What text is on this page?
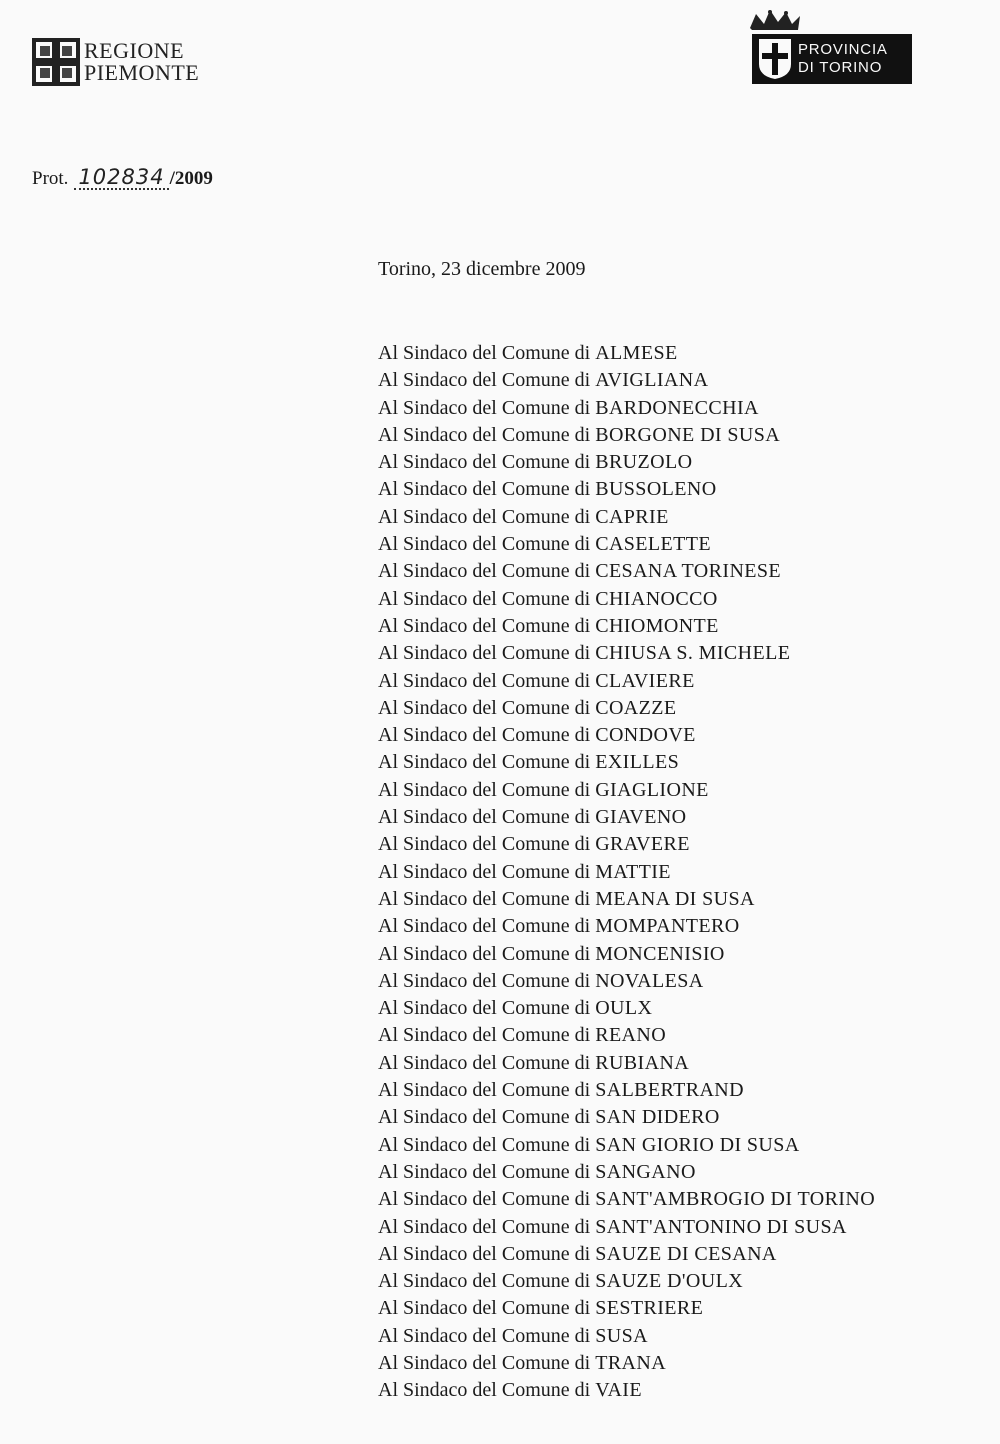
REGIONE
PIEMONTE
PROVINCIA
DI TORINO
Prot. 102834 /2009
Torino, 23 dicembre 2009
Al Sindaco del Comune di ALMESE
Al Sindaco del Comune di AVIGLIANA
Al Sindaco del Comune di BARDONECCHIA
Al Sindaco del Comune di BORGONE DI SUSA
Al Sindaco del Comune di BRUZOLO
Al Sindaco del Comune di BUSSOLENO
Al Sindaco del Comune di CAPRIE
Al Sindaco del Comune di CASELETTE
Al Sindaco del Comune di CESANA TORINESE
Al Sindaco del Comune di CHIANOCCO
Al Sindaco del Comune di CHIOMONTE
Al Sindaco del Comune di CHIUSA S. MICHELE
Al Sindaco del Comune di CLAVIERE
Al Sindaco del Comune di COAZZE
Al Sindaco del Comune di CONDOVE
Al Sindaco del Comune di EXILLES
Al Sindaco del Comune di GIAGLIONE
Al Sindaco del Comune di GIAVENO
Al Sindaco del Comune di GRAVERE
Al Sindaco del Comune di MATTIE
Al Sindaco del Comune di MEANA DI SUSA
Al Sindaco del Comune di MOMPANTERO
Al Sindaco del Comune di MONCENISIO
Al Sindaco del Comune di NOVALESA
Al Sindaco del Comune di OULX
Al Sindaco del Comune di REANO
Al Sindaco del Comune di RUBIANA
Al Sindaco del Comune di SALBERTRAND
Al Sindaco del Comune di SAN DIDERO
Al Sindaco del Comune di SAN GIORIO DI SUSA
Al Sindaco del Comune di SANGANO
Al Sindaco del Comune di SANT'AMBROGIO DI TORINO
Al Sindaco del Comune di SANT'ANTONINO DI SUSA
Al Sindaco del Comune di SAUZE DI CESANA
Al Sindaco del Comune di SAUZE D'OULX
Al Sindaco del Comune di SESTRIERE
Al Sindaco del Comune di SUSA
Al Sindaco del Comune di TRANA
Al Sindaco del Comune di VAIE
